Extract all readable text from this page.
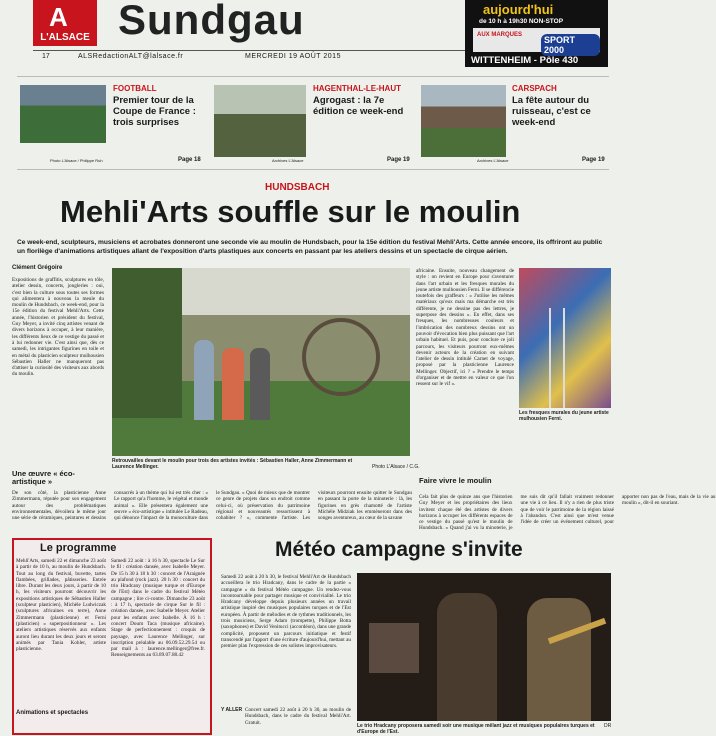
L'ALSACE
A Sundgau
17	ALSRedactionALT@lalsace.fr	MERCREDI 19 AOÛT 2015
aujourd'hui
de 10 h à 19h30 NON-STOP
AUX MARQUES	SPORT 2000
WITTENHEIM - Pôle 430
FOOTBALL
Premier tour de la Coupe de France : trois surprises
Photo L'Alsace / Philippe Ruh	Page 18
HAGENTHAL-LE-HAUT
Agrogast : la 7e édition ce week-end
Archives L'Alsace	Page 19
CARSPACH
La fête autour du ruisseau, c'est ce week-end
Archives L'Alsace	Page 19
HUNDSBACH
Mehli'Arts souffle sur le moulin
Ce week-end, sculpteurs, musiciens et acrobates donneront une seconde vie au moulin de Hundsbach, pour la 15e édition du festival Mehli'Arts. Cette année encore, ils offriront au public un florilège d'animations artistiques allant de l'exposition d'arts plastiques aux concerts en passant par les ateliers dessins et un spectacle de cirque aérien.
Clément Grégoire
Expositions de graffitis, sculptures en tôle, atelier dessin, concerts, jongleries : oui, c'est bien la culture sous toutes ses formes qui alimentera à nouveau la meule du moulin de Hundsbach, ce week-end, pour la 15e édition du festival Mehli'Arts. Cette année, l'historien et président du festival, Guy Meyer, a invité cinq artistes venant de divers horizons à occuper, à leur manière, les différents lieux de ce vestige du passé et à lui redonner vie. C'est ainsi que, dès ce samedi, les intrigantes figurines en toile et en métal du plasticien sculpteur mulhousien Sébastien Haller ne manqueront pas d'attiser la curiosité des visiteurs aux abords du moulin.
Retrouvailles devant le moulin pour trois des artistes invités : Sébastien Haller, Anne Zimmermann et Laurence Mellinger.	Photo L'Alsace / C.G.
africaine. Ensuite, nouveau changement de style : on revient en Europe pour s'aventurer dans l'art urbain et les fresques murales du jeune artiste mulhousien Ferni. Il se différencie toutefois des graffeurs : « J'utilise les mêmes matériaux qu'eux mais ma démarche est très différente, je ne dessine pas des lettres, je superpose des dessins ». En effet, dans ses fresques, les nombreuses couleurs et l'imbrication des nombreux dessins ont un pouvoir d'évocation bien plus puissant que l'art urbain habituel. Et puis, pour conclure ce joli parcours, les visiteurs pourront eux-mêmes devenir acteurs de la création en suivant l'atelier de dessin intitulé Carnet de voyage, proposé par la plasticienne Laurence Mellinger. Objectif, ici ? « Prendre le temps d'organiser et de mettre en valeur ce que l'on ressent sur le vif ».
Les fresques murales du jeune artiste mulhousien Ferni.
Une œuvre « éco-artistique »
De son côté, la plasticienne Anne Zimmermann, réputée pour son engagement autour des problématiques environnementales, dévoilera le même jour une série de céramiques, peintures et dessins consacrés à un thème qui lui est très cher : « Le rapport qu'a l'homme, le végétal et monde animal ». Elle présentera également une œuvre « éco-artistique » intitulée Le Radeau, qui dénonce l'impact de la monoculture dans le Sundgau. « Quoi de mieux que de montrer ce genre de projets dans un endroit comme celui-ci, où préservation du patrimoine régional et nouveautés ressortissent à cohabiter ? », commente l'artiste. Les visiteurs pourront ensuite quitter le Sundgau en passant la porte de la minoterie : là, les figurines en grès chamotté de l'artiste Michèle Midziak les emmèneront dans des songes aventureux, au cœur de la savane
Faire vivre le moulin
Cela fait plus de quinze ans que l'historien Guy Meyer et les propriétaires des lieux invitent chaque été des artistes de divers horizons à occuper les différents espaces de ce vestige du passé qu'est le moulin de Hundsbach. « Quand j'ai vu la minoterie, je me suis dit qu'il fallait vraiment redonner une vie à ce lieu. Il n'y a rien de plus triste que de voir le patrimoine de la région laissé à l'abandon. C'est ainsi que m'est venue l'idée de créer un événement culturel, pour apporter non pas de l'eau, mais de la vie au moulin », dit-il en souriant.
Le programme
Mehli'Arts, samedi 22 et dimanche 23 août à partir de 10 h, au moulin de Hundsbach. Tout au long du festival, buvette, tartes flambées, grillades, pâtisseries. Entrée libre. Durant les deux jours, à partir de 10 h, les visiteurs pourront découvrir les expositions artistiques de Sébastien Haller (sculpteur plasticien), Michèle Ludwiczak (sculptures africaines en terre), Anne Zimmermann (plasticienne) et Ferni (plasticien) « superpositionneur ». Les ateliers artistiques réservés aux enfants auront lieu durant les deux jours et seront animés par Tania Kohler, artiste plasticienne.
Animations et spectacles
Samedi 22 août : à 16 h 30, spectacle Le Sur le fil : création dansée, avec Isabelle Meyer. De 15 h 30 à 18 h 30 : concert de l'Araignée au plafond (rock jazz). 20 h 30 : concert du trio Hradcany (musique turque et d'Europe de l'Est) dans le cadre du festival Météo campagne ; lire ci-contre. Dimanche 23 août : à 17 h, spectacle de cirque Sur le fil : création dansée, avec Isabelle Meyer. Atelier pour les enfants avec Isabelle. À 16 h : concert Doum Taca (musique africaine). Stage de perfectionnement : croquis de paysage, avec Laurence Mellinger, sur inscription préalable au 06.09.52.29.54 ou par mail à : laurence.mellinger@free.fr. Renseignements au 03.89.07.88.42
Météo campagne s'invite
Samedi 22 août à 20 h 30, le festival Mehli'Art de Hundsbach accueillera le trio Hradcany, dans le cadre de la partie « campagne » du festival Météo campagne. Un rendez-vous incontournable pour partager musique et convivialité. Le trio Hradcany développe depuis plusieurs années un travail artistique inspiré des musiques populaires turques et de l'Est européen. À partir de mélodies et de rythmes traditionnels, les trois musiciens, Serge Adam (trompette), Philippe Botta (saxophones) et David Venitucci (accordéon), dans une grande complicité, proposent un parcours initiatique et festif transcendé par l'apport d'une écriture d'aujourd'hui, mettant au premier plan l'expression de ces solistes improvisateurs.
Y ALLER Concert samedi 22 août à 20 h 30, au moulin de Hundsbach, dans le cadre du festival Mehli'Art. Gratuit.
Le trio Hradcany proposera samedi soir une musique mêlant jazz et musiques populaires turques et d'Europe de l'Est.
DR
